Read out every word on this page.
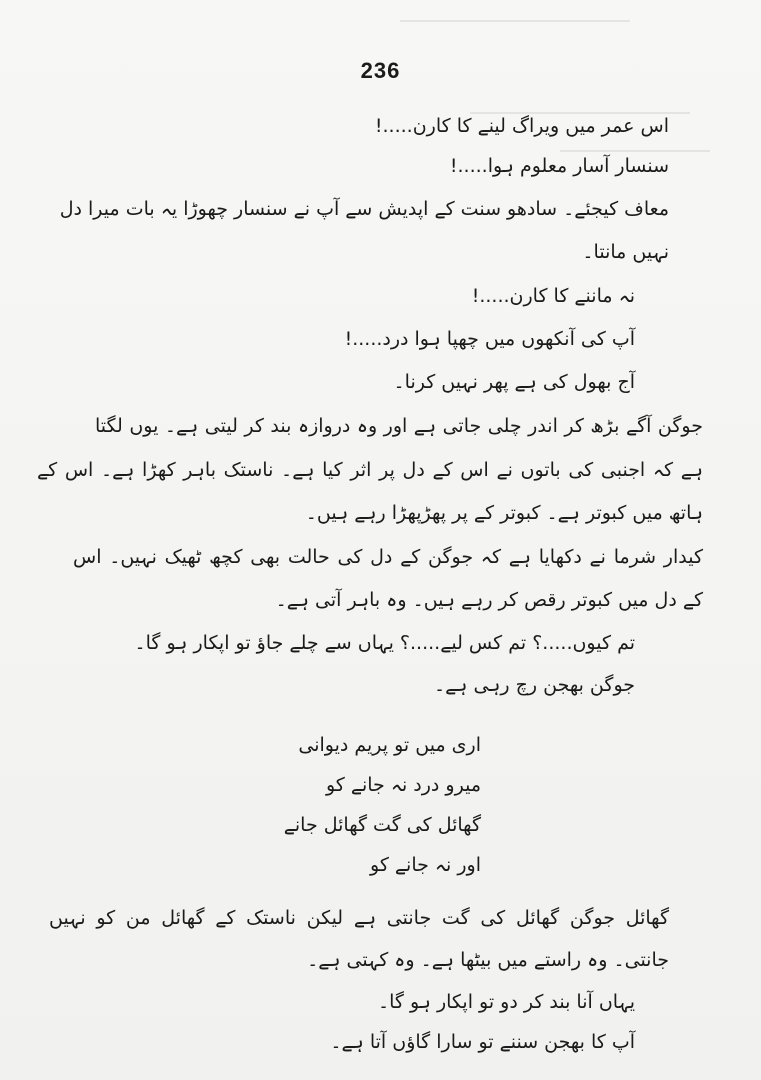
236
اس عمر میں ویراگ لینے کا کارن.....!
سنسار آسار معلوم ہوا.....!
معاف کیجئے۔ سادھو سنت کے اپدیش سے آپ نے سنسار چھوڑا یہ بات میرا دل
نہیں مانتا۔
نہ ماننے کا کارن.....!
آپ کی آنکھوں میں چھپا ہوا درد.....!
آج بھول کی ہے پھر نہیں کرنا۔
جوگن آگے بڑھ کر اندر چلی جاتی ہے اور وہ دروازہ بند کر لیتی ہے۔ یوں لگتا
ہے کہ اجنبی کی باتوں نے اس کے دل پر اثر کیا ہے۔ ناستک باہر کھڑا ہے۔ اس کے
ہاتھ میں کبوتر ہے۔ کبوتر کے پر پھڑپھڑا رہے ہیں۔
کیدار شرما نے دکھایا ہے کہ جوگن کے دل کی حالت بھی کچھ ٹھیک نہیں۔ اس
کے دل میں کبوتر رقص کر رہے ہیں۔ وہ باہر آتی ہے۔
تم کیوں.....؟ تم کس لیے.....؟ یہاں سے چلے جاؤ تو اپکار ہو گا۔
جوگن بھجن رچ رہی ہے۔
اری میں تو پریم دیوانی
میرو درد نہ جانے کو
گھائل کی گت گھائل جانے
اور نہ جانے کو
گھائل جوگن گھائل کی گت جانتی ہے لیکن ناستک کے گھائل من کو نہیں
جانتی۔ وہ راستے میں بیٹھا ہے۔ وہ کہتی ہے۔
یہاں آنا بند کر دو تو اپکار ہو گا۔
آپ کا بھجن سننے تو سارا گاؤں آتا ہے۔
